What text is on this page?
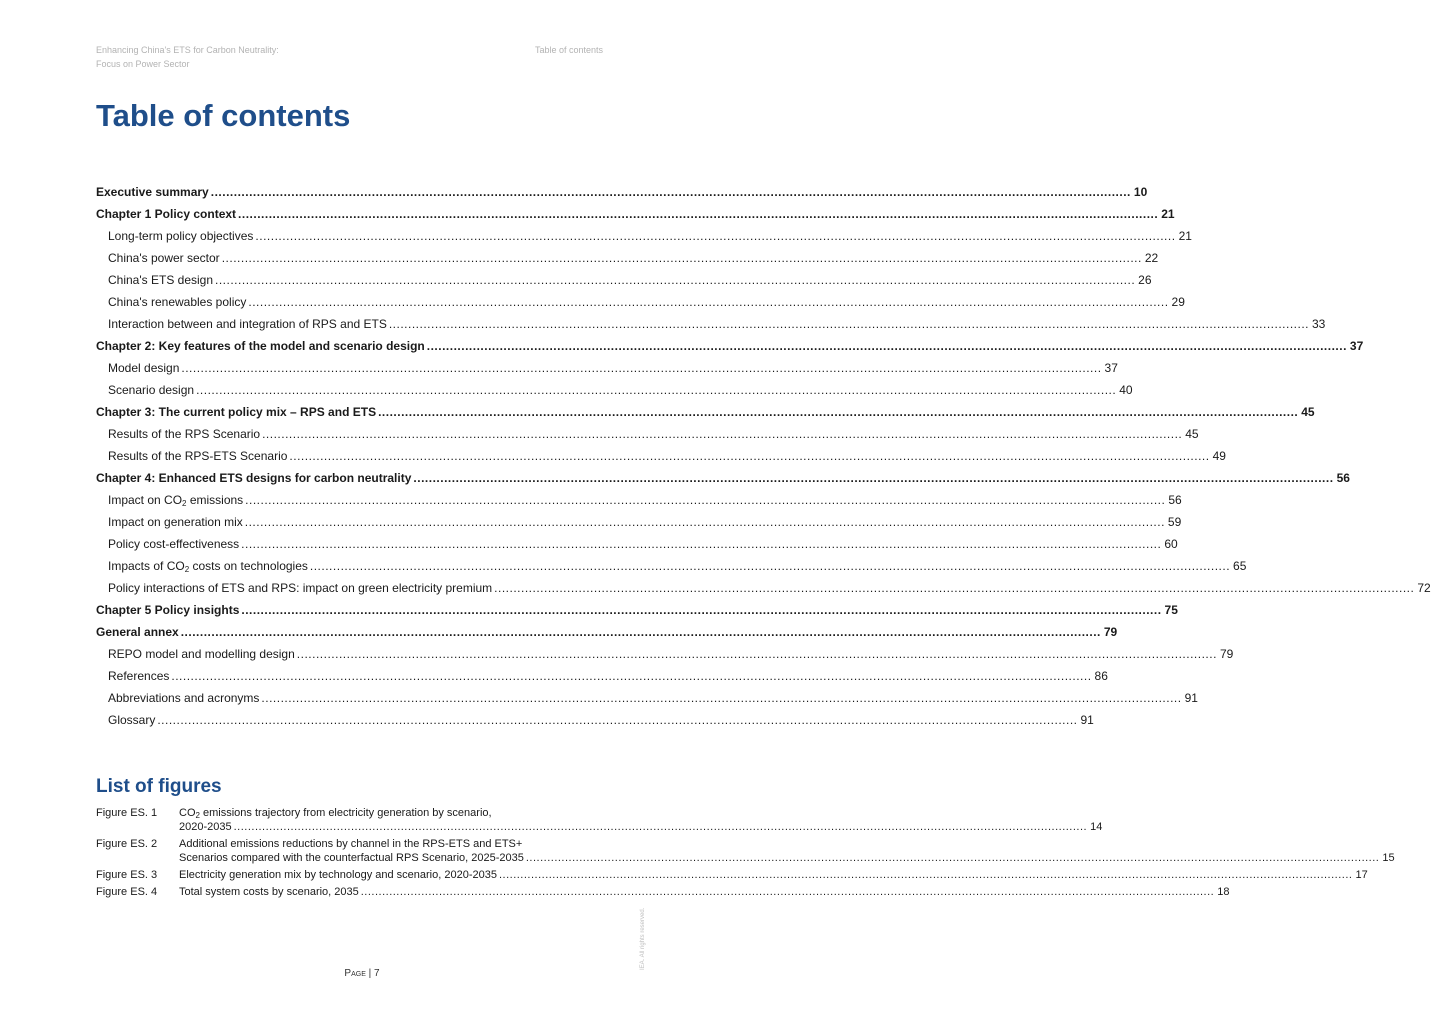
Enhancing China's ETS for Carbon Neutrality:
Focus on Power Sector
Table of contents
Table of contents
Executive summary .....	10
Chapter 1 Policy context .....	21
Long-term policy objectives .....	21
China's power sector .....	22
China's ETS design .....	26
China's renewables policy .....	29
Interaction between and integration of RPS and ETS .....	33
Chapter 2: Key features of the model and scenario design .....	37
Model design .....	37
Scenario design .....	40
Chapter 3: The current policy mix – RPS and ETS .....	45
Results of the RPS Scenario .....	45
Results of the RPS-ETS Scenario .....	49
Chapter 4: Enhanced ETS designs for carbon neutrality .....	56
Impact on $CO_2$ emissions .....	56
Impact on generation mix .....	59
Policy cost-effectiveness .....	60
Impacts of $CO_2$ costs on technologies .....	65
Policy interactions of ETS and RPS: impact on green electricity premium .....	72
Chapter 5 Policy insights .....	75
General annex .....	79
REPO model and modelling design .....	79
References .....	86
Abbreviations and acronyms .....	91
Glossary .....	91
List of figures
Figure ES. 1	$CO_2$ emissions trajectory from electricity generation by scenario,
2020-2035 .....	14
Figure ES. 2	Additional emissions reductions by channel in the RPS-ETS and ETS+
Scenarios compared with the counterfactual RPS Scenario, 2025-2035 .....	15
Figure ES. 3	Electricity generation mix by technology and scenario, 2020-2035 .....	17
Figure ES. 4	Total system costs by scenario, 2035 .....	18
Page | 7
IEA. All rights reserved.
